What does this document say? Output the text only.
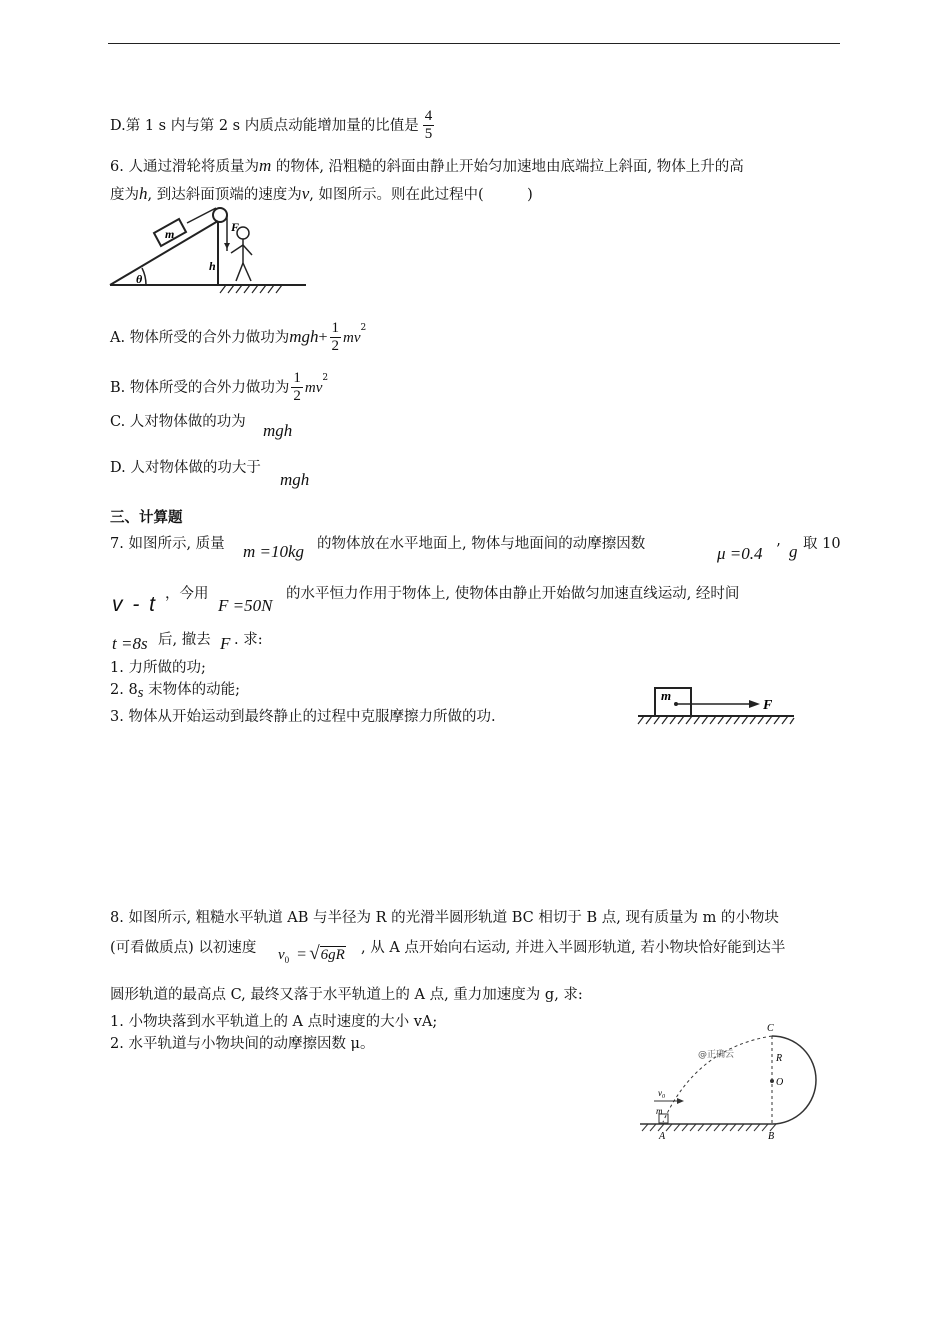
D.第 1 s 内与第 2 s 内质点动能增加量的比值是 $\frac{4}{5}$
6. 人通过滑轮将质量为m 的物体, 沿粗糙的斜面由静止开始匀加速地由底端拉上斜面, 物体上升的高
度为h, 到达斜面顶端的速度为v, 如图所示。则在此过程中(　　　)
m	F
h
θ
A. 物体所受的合外力做功为$mgh+ \frac{1}{2} mv^2$
B. 物体所受的合外力做功为 $\frac{1}{2} mv^2$
C. 人对物体做的功为 mgh
D. 人对物体做的功大于
mgh
三、计算题
7. 如图所示, 质量 m =10kg 的物体放在水平地面上, 物体与地面间的动摩擦因数	μ =0.4 ’ g 取 10
v - t ，今用
F =50N
的水平恒力作用于物体上, 使物体由静止开始做匀加速直线运动, 经时间
t =8s 后, 撤去 F . 求:
1. 力所做的功;
2. 8s 末物体的动能;
3. 物体从开始运动到最终静止的过程中克服摩擦力所做的功.
m
F
8. 如图所示, 粗糙水平轨道 AB 与半径为 R 的光滑半圆形轨道 BC 相切于 B 点, 现有质量为 m 的小物块
(可看做质点) 以初速度 $v_0 = √6gR$ , 从 A 点开始向右运动, 并进入半圆形轨道, 若小物块恰好能到达半
圆形轨道的最高点 C, 最终又落于水平轨道上的 A 点, 重力加速度为 g, 求:
1. 小物块落到水平轨道上的 A 点时速度的大小 vA;
2. 水平轨道与小物块间的动摩擦因数 μ。
C
R
O
A	B
m
$v_0$
@正确云
